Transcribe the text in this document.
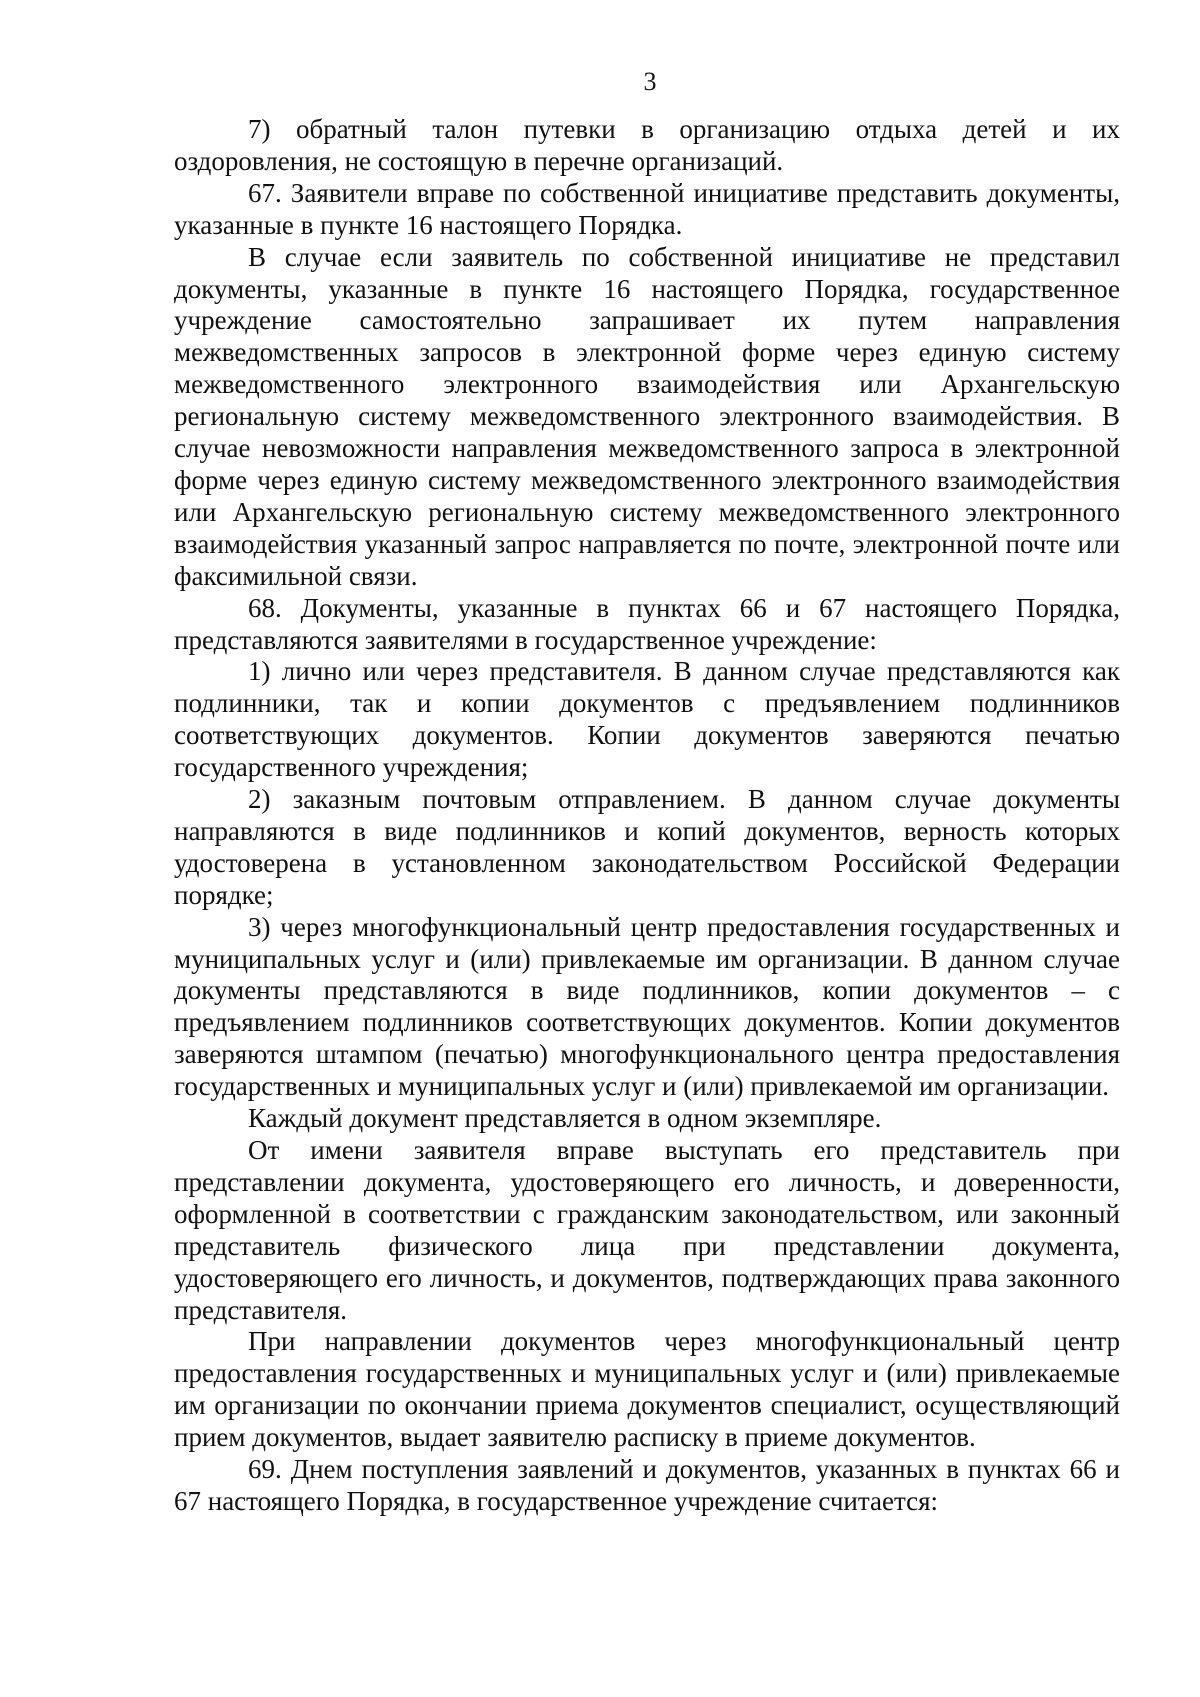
3

7) обратный талон путевки в организацию отдыха детей и их оздоровления, не состоящую в перечне организаций.

67. Заявители вправе по собственной инициативе представить документы, указанные в пункте 16 настоящего Порядка.

В случае если заявитель по собственной инициативе не представил документы, указанные в пункте 16 настоящего Порядка, государственное учреждение самостоятельно запрашивает их путем направления межведомственных запросов в электронной форме через единую систему межведомственного электронного взаимодействия или Архангельскую региональную систему межведомственного электронного взаимодействия. В случае невозможности направления межведомственного запроса в электронной форме через единую систему межведомственного электронного взаимодействия или Архангельскую региональную систему межведомственного электронного взаимодействия указанный запрос направляется по почте, электронной почте или факсимильной связи.

68. Документы, указанные в пунктах 66 и 67 настоящего Порядка, представляются заявителями в государственное учреждение:

1) лично или через представителя. В данном случае представляются как подлинники, так и копии документов с предъявлением подлинников соответствующих документов. Копии документов заверяются печатью государственного учреждения;

2) заказным почтовым отправлением. В данном случае документы направляются в виде подлинников и копий документов, верность которых удостоверена в установленном законодательством Российской Федерации порядке;

3) через многофункциональный центр предоставления государственных и муниципальных услуг и (или) привлекаемые им организации. В данном случае документы представляются в виде подлинников, копии документов – с предъявлением подлинников соответствующих документов. Копии документов заверяются штампом (печатью) многофункционального центра предоставления государственных и муниципальных услуг и (или) привлекаемой им организации.

Каждый документ представляется в одном экземпляре.

От имени заявителя вправе выступать его представитель при представлении документа, удостоверяющего его личность, и доверенности, оформленной в соответствии с гражданским законодательством, или законный представитель физического лица при представлении документа, удостоверяющего его личность, и документов, подтверждающих права законного представителя.

При направлении документов через многофункциональный центр предоставления государственных и муниципальных услуг и (или) привлекаемые им организации по окончании приема документов специалист, осуществляющий прием документов, выдает заявителю расписку в приеме документов.

69. Днем поступления заявлений и документов, указанных в пунктах 66 и 67 настоящего Порядка, в государственное учреждение считается:
